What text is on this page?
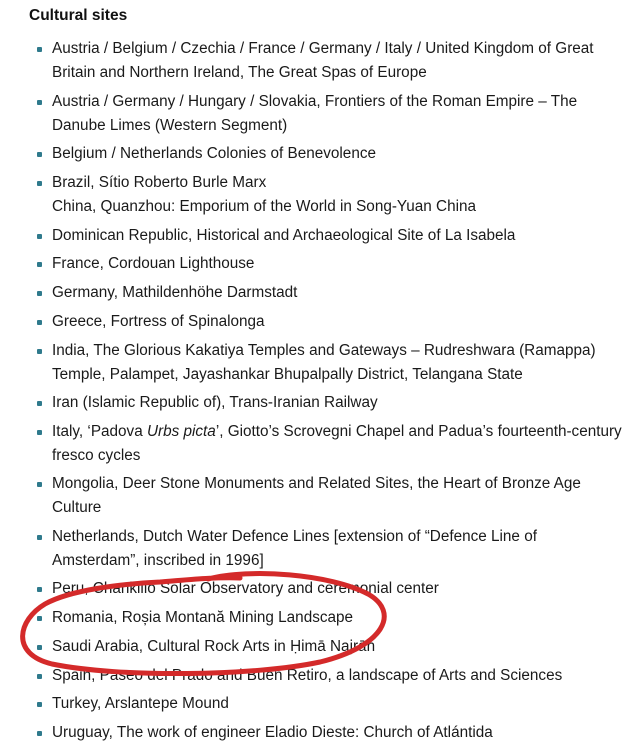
Cultural sites
Austria / Belgium / Czechia / France / Germany / Italy / United Kingdom of Great
Britain and Northern Ireland, The Great Spas of Europe
Austria / Germany / Hungary / Slovakia, Frontiers of the Roman Empire – The
Danube Limes (Western Segment)
Belgium / Netherlands Colonies of Benevolence
Brazil, Sítio Roberto Burle Marx
China, Quanzhou: Emporium of the World in Song-Yuan China
Dominican Republic, Historical and Archaeological Site of La Isabela
France, Cordouan Lighthouse
Germany, Mathildenhöhe Darmstadt
Greece, Fortress of Spinalonga
India, The Glorious Kakatiya Temples and Gateways – Rudreshwara (Ramappa)
Temple, Palampet, Jayashankar Bhupalpally District, Telangana State
Iran (Islamic Republic of), Trans-Iranian Railway
Italy, ‘Padova Urbs picta’, Giotto’s Scrovegni Chapel and Padua’s fourteenth-century
fresco cycles
Mongolia, Deer Stone Monuments and Related Sites, the Heart of Bronze Age
Culture
Netherlands, Dutch Water Defence Lines [extension of “Defence Line of
Amsterdam”, inscribed in 1996]
Peru, Chankillo Solar Observatory and ceremonial center
Romania, Roșia Montană Mining Landscape
Saudi Arabia, Cultural Rock Arts in Ḥimā Najrān
Spain, Paseo del Prado and Buen Retiro, a landscape of Arts and Sciences
Turkey, Arslantepe Mound
Uruguay, The work of engineer Eladio Dieste: Church of Atlántida
